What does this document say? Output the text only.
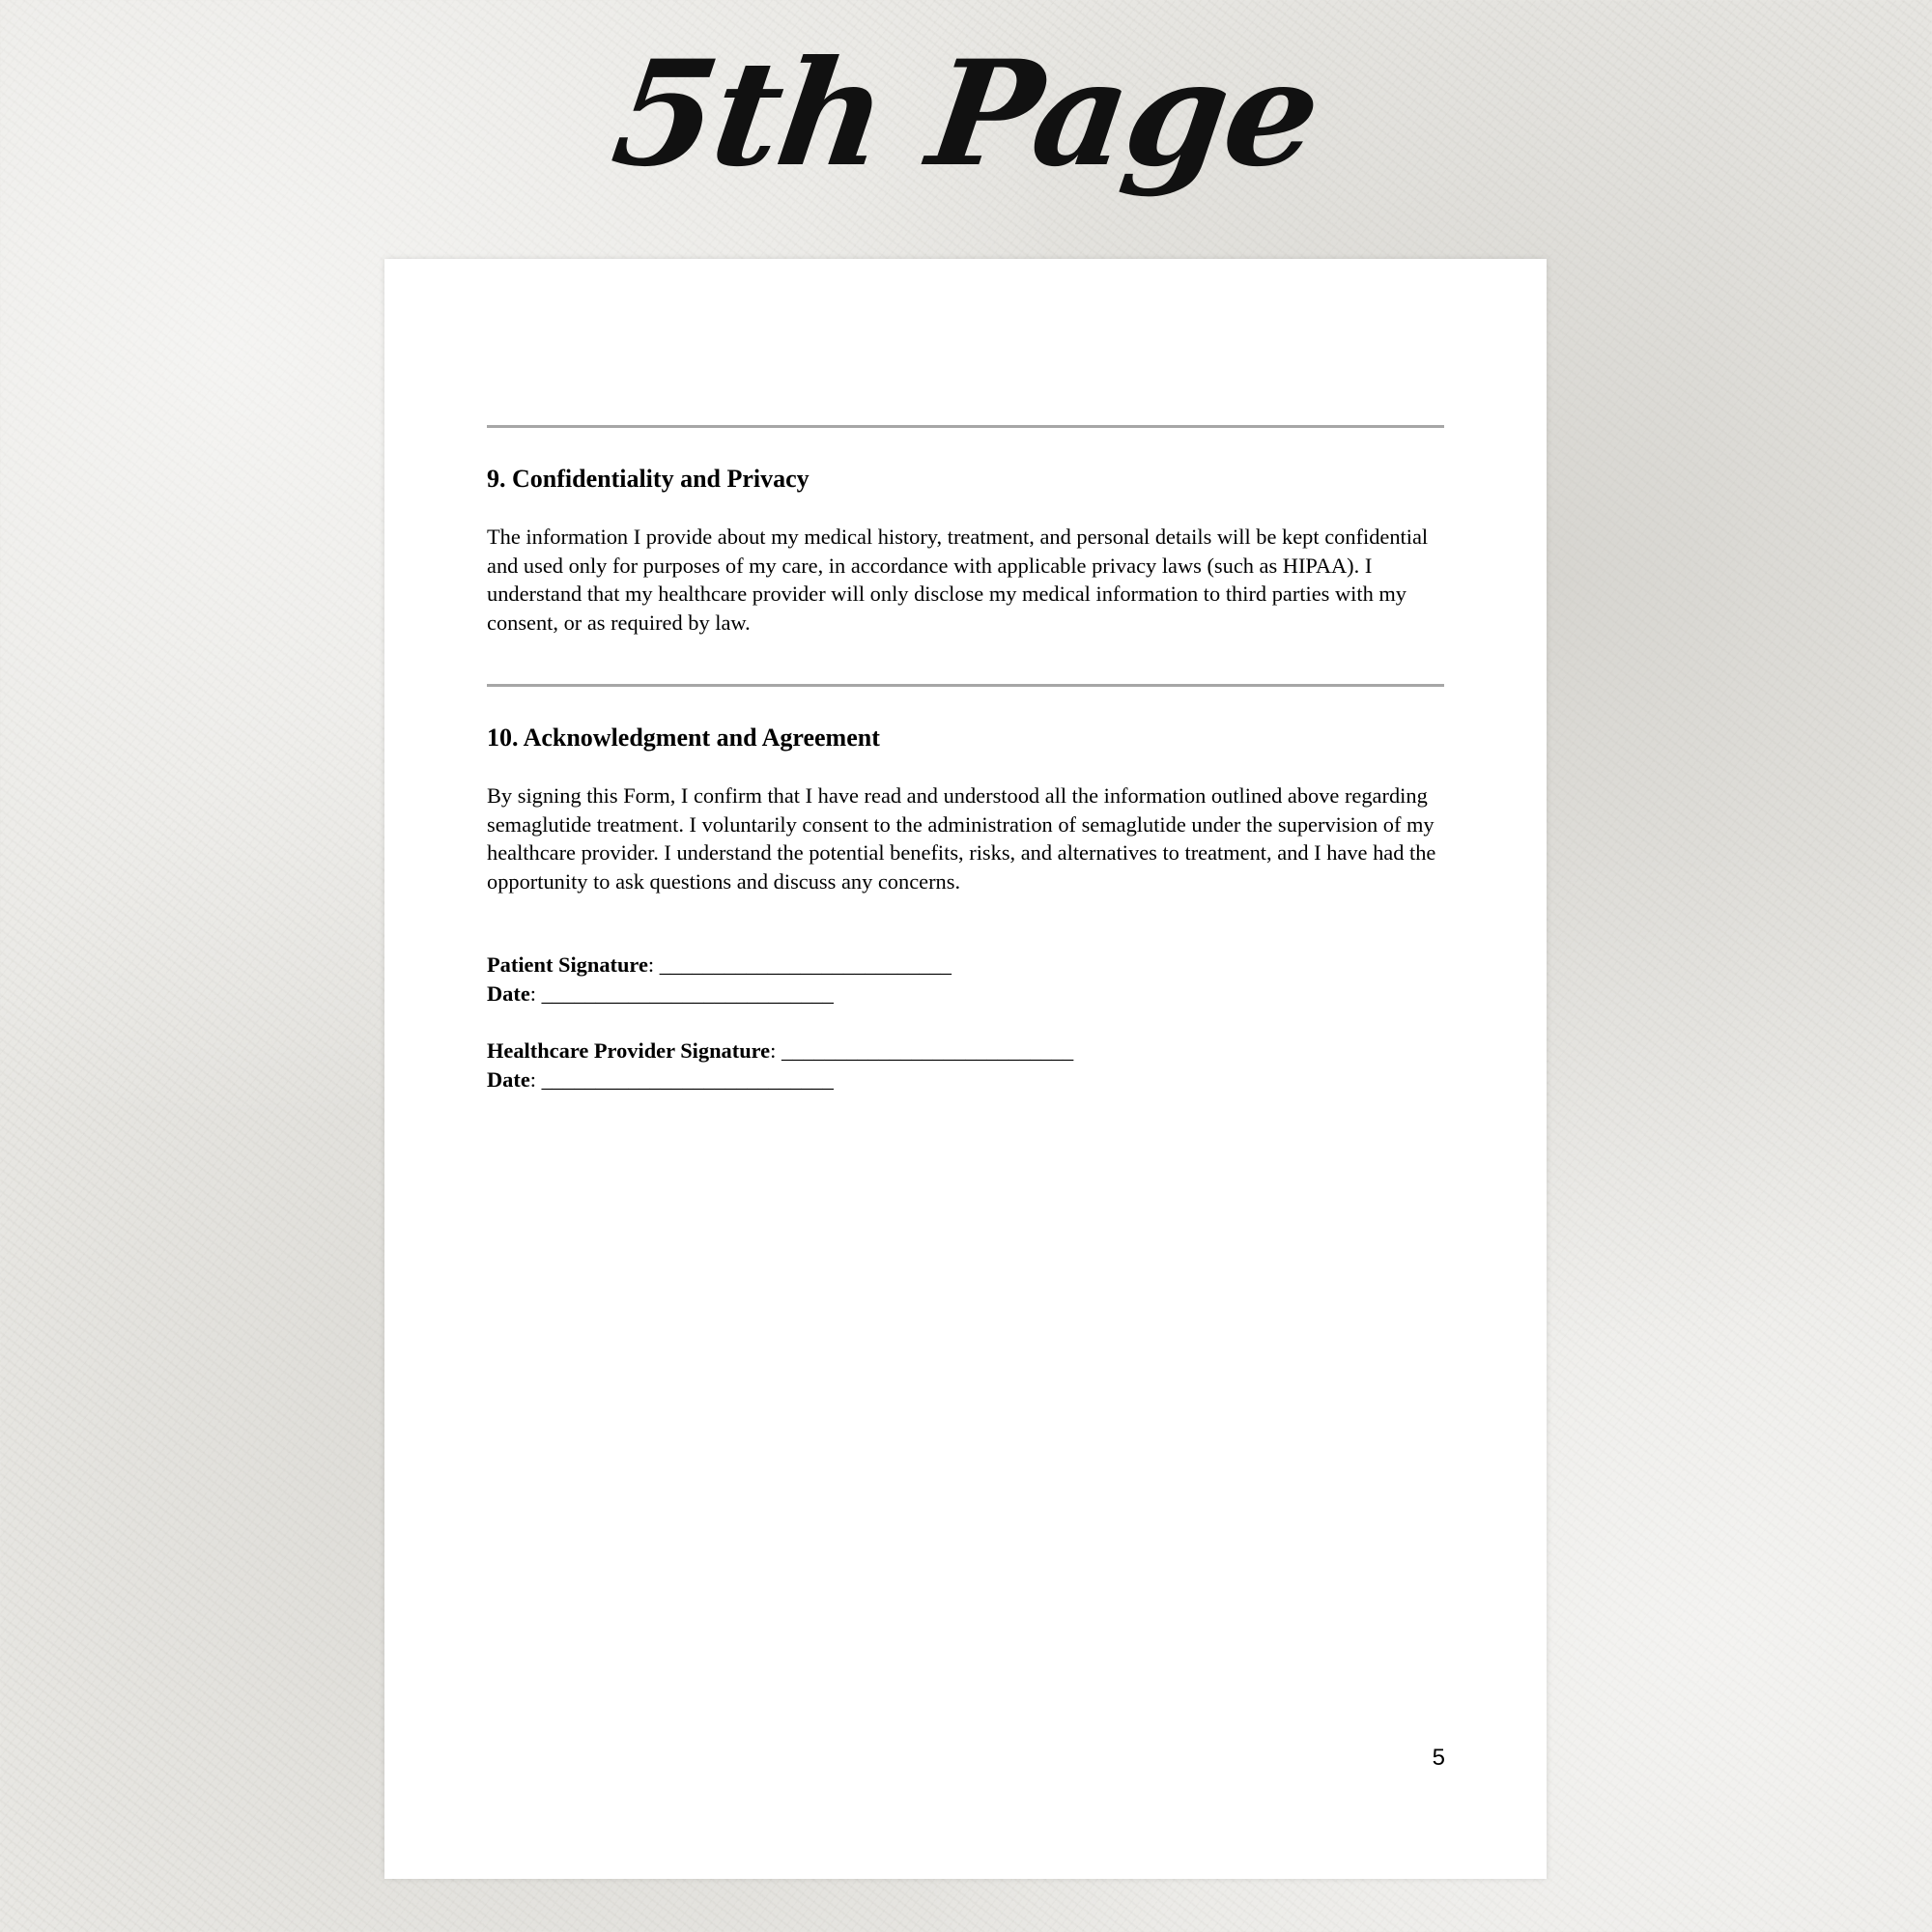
5th Page
9. Confidentiality and Privacy

The information I provide about my medical history, treatment, and personal details will be kept confidential and used only for purposes of my care, in accordance with applicable privacy laws (such as HIPAA). I understand that my healthcare provider will only disclose my medical information to third parties with my consent, or as required by law.

10. Acknowledgment and Agreement

By signing this Form, I confirm that I have read and understood all the information outlined above regarding semaglutide treatment. I voluntarily consent to the administration of semaglutide under the supervision of my healthcare provider. I understand the potential benefits, risks, and alternatives to treatment, and I have had the opportunity to ask questions and discuss any concerns.

Patient Signature: ___________________________
Date: ___________________________
Healthcare Provider Signature: ___________________________
Date: ___________________________
5
